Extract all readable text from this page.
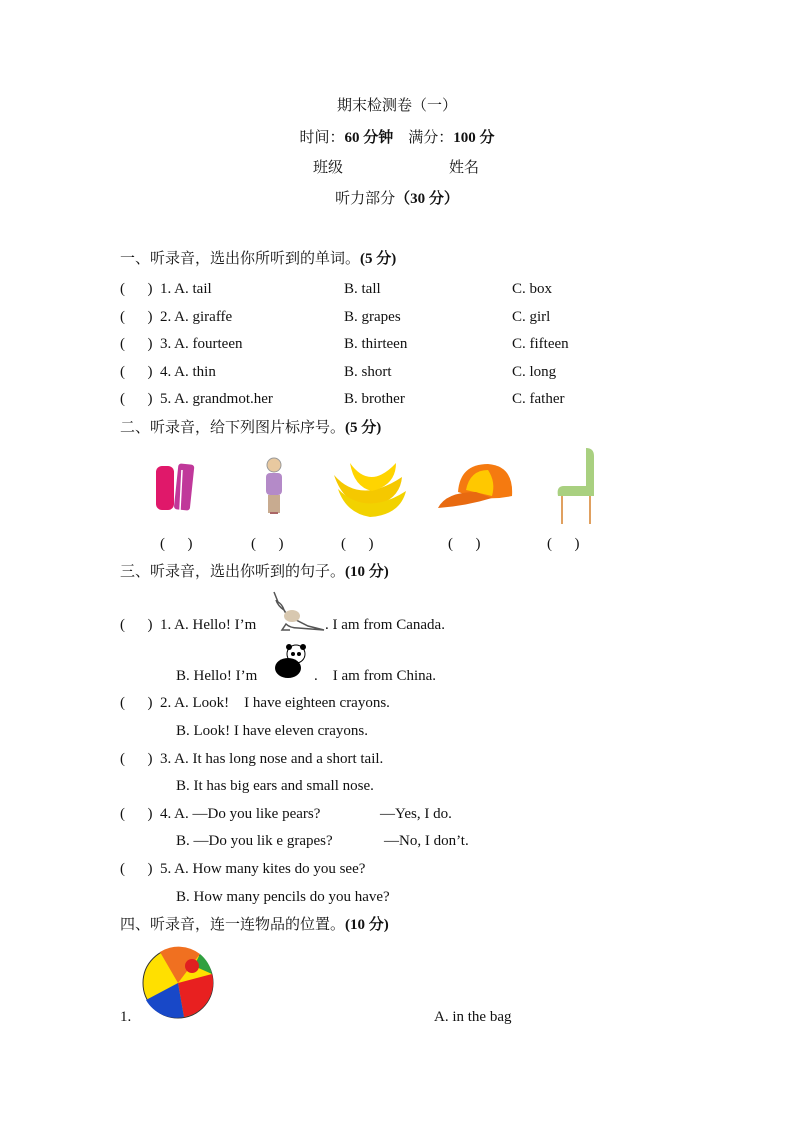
期末检测卷（一）
时间：60 分钟 满分：100 分
班级	姓名
听力部分（30 分）
一、听录音，选出你所听到的单词。(5 分)
(      ) 1. A. tail	B. tall	C. box
(      ) 2. A. giraffe	B. grapes	C. girl
(      ) 3. A. fourteen	B. thirteen	C. fifteen
(      ) 4. A. thin	B. short	C. long
(      ) 5. A. grandmot.her	B. brother	C. father
二、听录音，给下列图片标序号。(5 分)
(      )	(      )	(      )	(      )	(      )
三、听录音，选出你听到的句子。(10 分)
(      ) 1. A. Hello! I’m	. I am from Canada.
B. Hello! I’m	.    I am from China.
(      ) 2. A. Look!    I have eighteen crayons.
B. Look! I have eleven crayons.
(      ) 3. A. It has long nose and a short tail.
B. It has big ears and small nose.
(      ) 4. A. —Do you like pears?	—Yes, I do.
B. —Do you lik e grapes?	—No, I don’t.
(      ) 5. A. How many kites do you see?
B. How many pencils do you have?
四、听录音，连一连物品的位置。(10 分)
1.	A. in the bag
